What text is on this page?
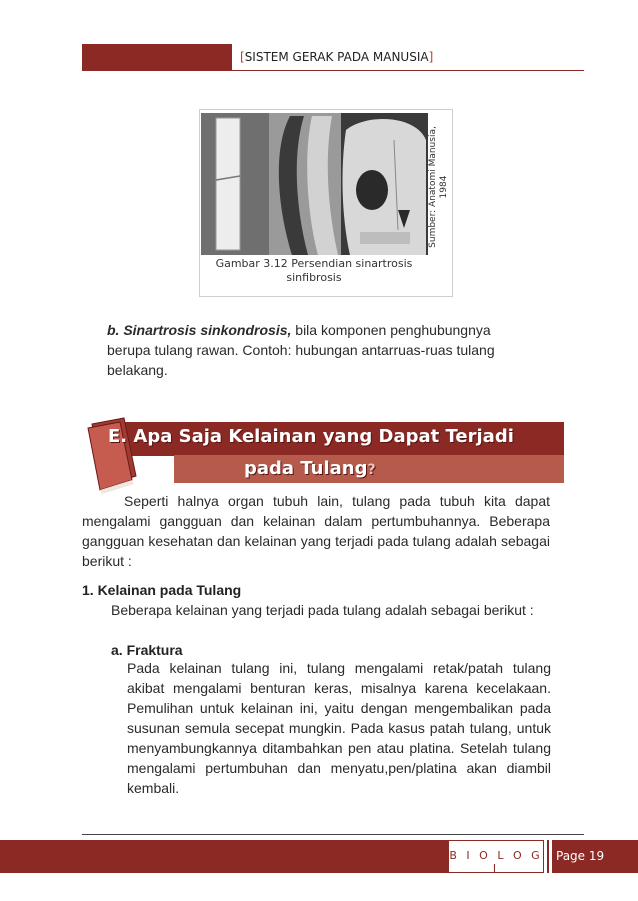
[SISTEM GERAK PADA MANUSIA]
Gambar 3.12 Persendian sinartrosis
sinfibrosis
Sumber: Anatomi Manusia,
1984
b. Sinartrosis sinkondrosis, bila komponen penghubungnya berupa tulang rawan. Contoh: hubungan antarruas-ruas tulang belakang.
E. Apa Saja Kelainan yang Dapat Terjadi
pada Tulang?
Seperti halnya organ tubuh lain, tulang pada tubuh kita dapat mengalami gangguan dan kelainan dalam pertumbuhannya. Beberapa gangguan kesehatan dan kelainan yang terjadi pada tulang adalah sebagai berikut :
1. Kelainan pada Tulang
Beberapa kelainan yang terjadi pada tulang adalah sebagai berikut :
a. Fraktura
Pada kelainan tulang ini, tulang mengalami retak/patah tulang akibat mengalami benturan keras, misalnya karena kecelakaan. Pemulihan untuk kelainan ini, yaitu dengan mengembalikan pada susunan semula secepat mungkin. Pada kasus patah tulang, untuk menyambungkannya ditambahkan pen atau platina. Setelah tulang mengalami pertumbuhan dan menyatu,pen/platina akan diambil kembali.
B I O L O G I
Page 19
